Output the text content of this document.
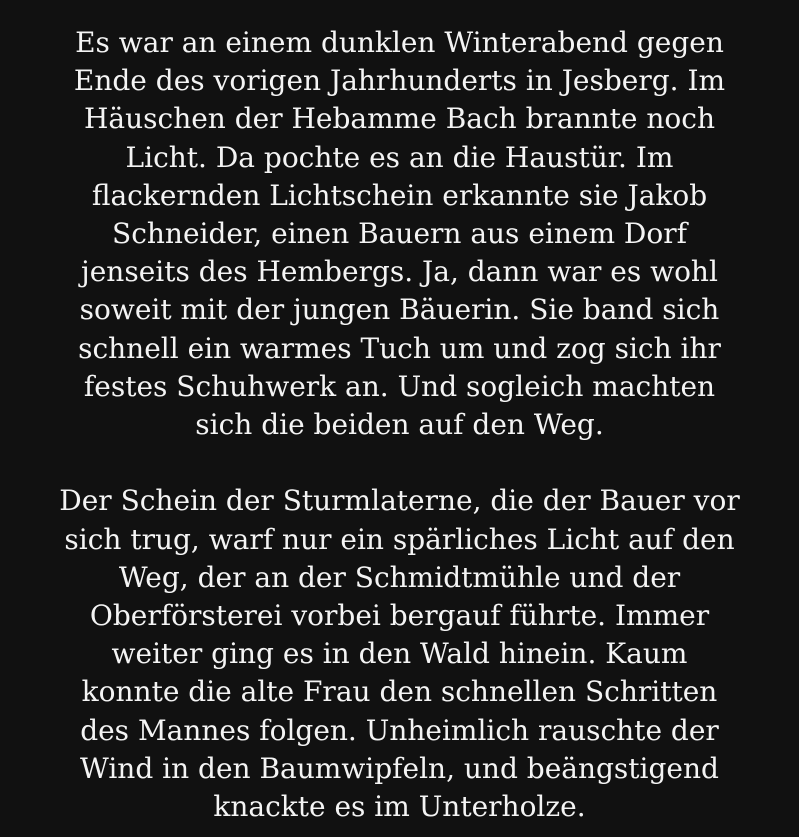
Es war an einem dunklen Winterabend gegen
Ende des vorigen Jahrhunderts in Jesberg. Im
Häuschen der Hebamme Bach brannte noch
Licht. Da pochte es an die Haustür. Im
flackernden Lichtschein erkannte sie Jakob
Schneider, einen Bauern aus einem Dorf
jenseits des Hembergs. Ja, dann war es wohl
soweit mit der jungen Bäuerin. Sie band sich
schnell ein warmes Tuch um und zog sich ihr
festes Schuhwerk an. Und sogleich machten
sich die beiden auf den Weg.

Der Schein der Sturmlaterne, die der Bauer vor
sich trug, warf nur ein spärliches Licht auf den
Weg, der an der Schmidtmühle und der
Oberförsterei vorbei bergauf führte. Immer
weiter ging es in den Wald hinein. Kaum
konnte die alte Frau den schnellen Schritten
des Mannes folgen. Unheimlich rauschte der
Wind in den Baumwipfeln, und beängstigend
knackte es im Unterholze.
